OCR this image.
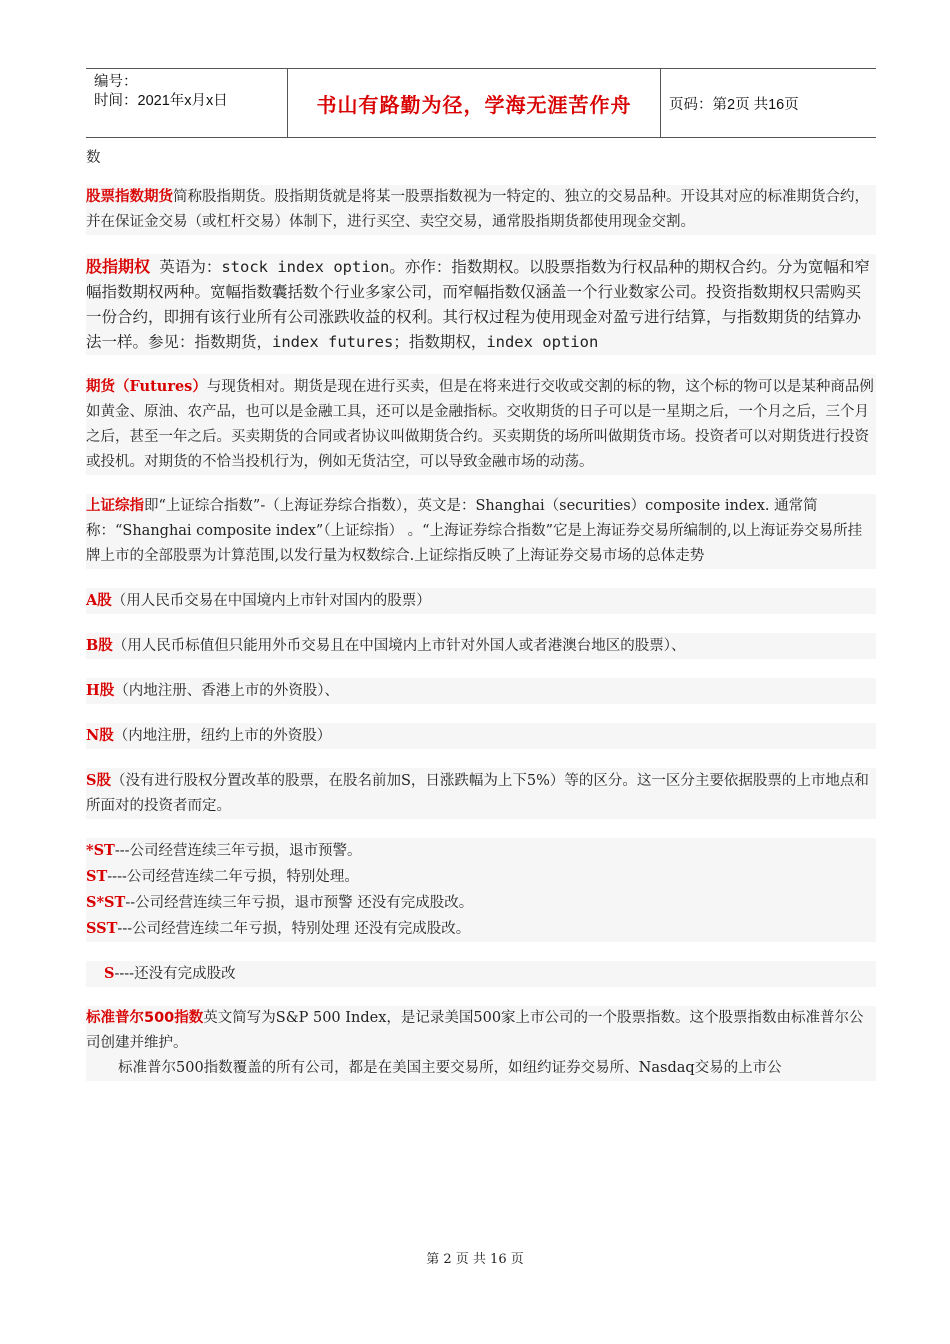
编号：
时间：2021年x月x日	书山有路勤为径，学海无涯苦作舟	页码：第2页 共16页

数

股票指数期货简称股指期货。股指期货就是将某一股票指数视为一特定的、独立的交易品种。开设其对应的标准期货合约，并在保证金交易（或杠杆交易）体制下，进行买空、卖空交易，通常股指期货都使用现金交割。

股指期权 英语为：stock index option。亦作：指数期权。以股票指数为行权品种的期权合约。分为宽幅和窄幅指数期权两种。宽幅指数囊括数个行业多家公司，而窄幅指数仅涵盖一个行业数家公司。投资指数期权只需购买一份合约，即拥有该行业所有公司涨跌收益的权利。其行权过程为使用现金对盈亏进行结算，与指数期货的结算办法一样。参见：指数期货，index futures；指数期权，index option

期货（Futures）与现货相对。期货是现在进行买卖，但是在将来进行交收或交割的标的物，这个标的物可以是某种商品例如黄金、原油、农产品，也可以是金融工具，还可以是金融指标。交收期货的日子可以是一星期之后，一个月之后，三个月之后，甚至一年之后。买卖期货的合同或者协议叫做期货合约。买卖期货的场所叫做期货市场。投资者可以对期货进行投资或投机。对期货的不恰当投机行为，例如无货沽空，可以导致金融市场的动荡。

上证综指即“上证综合指数”-（上海证券综合指数），英文是：Shanghai（securities）composite index. 通常简称：“Shanghai composite index”（上证综指） 。“上海证券综合指数”它是上海证券交易所编制的,以上海证券交易所挂牌上市的全部股票为计算范围,以发行量为权数综合.上证综指反映了上海证券交易市场的总体走势

A股（用人民币交易在中国境内上市针对国内的股票）

B股（用人民币标值但只能用外币交易且在中国境内上市针对外国人或者港澳台地区的股票）、

H股（内地注册、香港上市的外资股）、

N股（内地注册，纽约上市的外资股）

S股（没有进行股权分置改革的股票，在股名前加S，日涨跌幅为上下5%）等的区分。这一区分主要依据股票的上市地点和所面对的投资者而定。

*ST---公司经营连续三年亏损，退市预警。

ST----公司经营连续二年亏损，特别处理。

S*ST--公司经营连续三年亏损，退市预警 还没有完成股改。

SST---公司经营连续二年亏损，特别处理 还没有完成股改。

S----还没有完成股改

标准普尔500指数英文简写为S&P 500 Index，是记录美国500家上市公司的一个股票指数。这个股票指数由标准普尔公司创建并维护。

标准普尔500指数覆盖的所有公司，都是在美国主要交易所，如纽约证券交易所、Nasdaq交易的上市公

第 2 页 共 16 页
